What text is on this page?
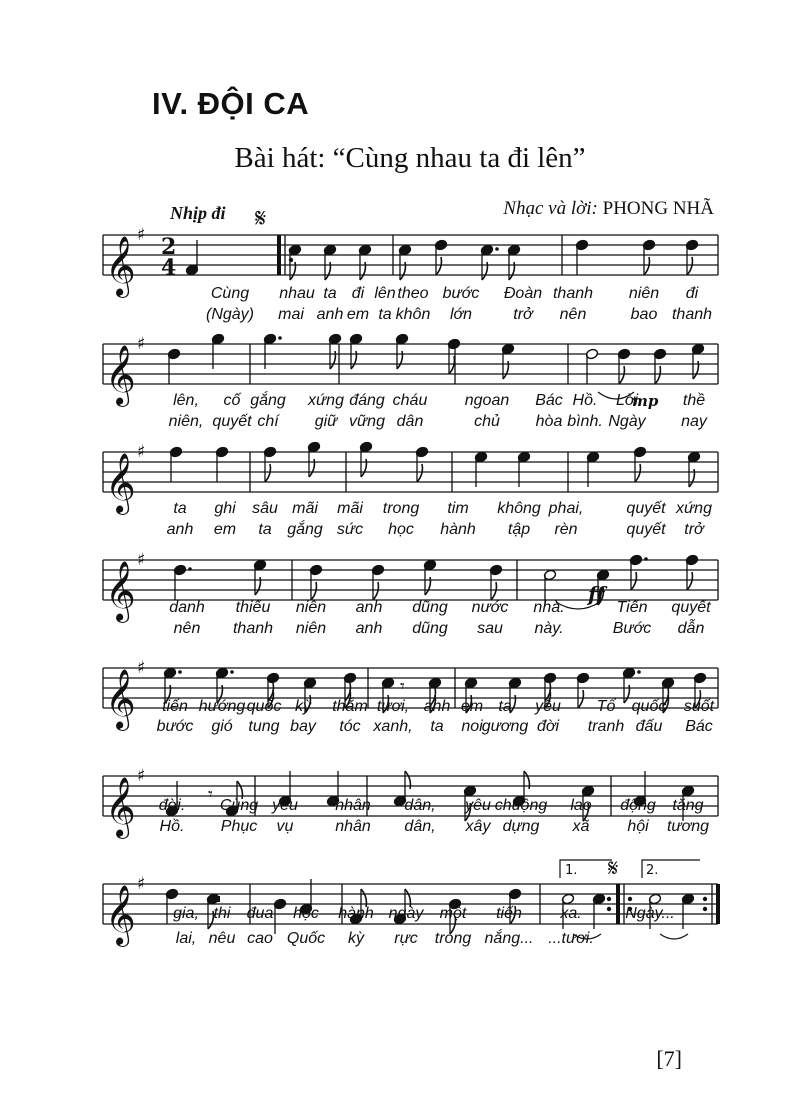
IV. ĐỘI CA
Bài hát: “Cùng nhau ta đi lên”
Nhịp đi	Nhạc và lời: PHONG NHÃ
𝄞
♯ 2
4
𝄋
𝄞
♯
mp
𝄞
♯
𝄞
♯
𝄞
♯
𝄾
𝄞
♯
𝄾
𝄞
♯
1.	2.
𝄋
[7]
Cùng nhau ta đi lên theo bước Đoàn thanh niên đi
(Ngày) mai anh em ta khôn lớn	trở nên	bao thanh
lên, cố gắng xứng đáng cháu ngoan Bác Hồ. Lời	thề
niên, quyết chí giữ vững dân	chủ hòa bình. Ngày nay
ta ghi sâu mãi mãi trong tim không phai,	quyết xứng
anh em ta gắng sức học hành tập rèn	quyết trở
danh thiếu niên anh dũng nước nhà.	Tiến quyết
nên thanh niên anh dũng sau này.	Bước dẫn
tiến hướng quốc kỳ thắm tươi, anh em ta yêu Tổ quốc suốt
bước gió tung bay tóc xanh, ta noi gương đời tranh đấu Bác
đời. Cùng yêu nhân dân, yêu chuộng lao động tăng
Hồ. Phục vụ	nhân dân, xây dựng xã hội tương
gia, thi đua học hành ngày một tiến xa.	Ngày...
lai, nêu cao Quốc kỳ rực trong nắng... ...tươi.
ff
